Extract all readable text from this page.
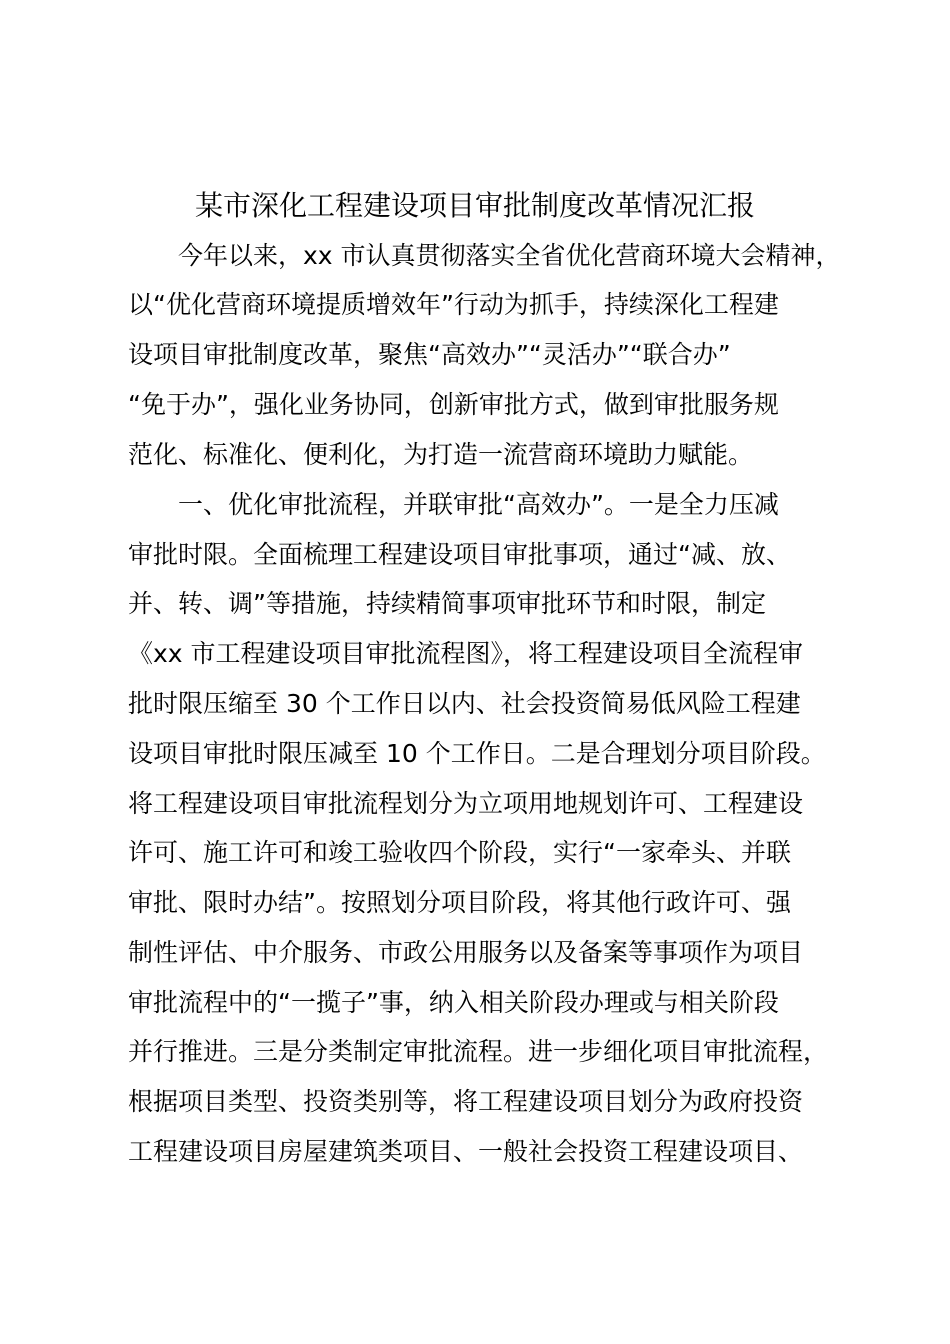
某市深化工程建设项目审批制度改革情况汇报
　　今年以来，xx 市认真贯彻落实全省优化营商环境大会精神，
以“优化营商环境提质增效年”行动为抓手，持续深化工程建
设项目审批制度改革，聚焦“高效办”“灵活办”“联合办”
“免于办”，强化业务协同，创新审批方式，做到审批服务规
范化、标准化、便利化，为打造一流营商环境助力赋能。
　　一、优化审批流程，并联审批“高效办”。一是全力压减
审批时限。全面梳理工程建设项目审批事项，通过“减、放、
并、转、调”等措施，持续精简事项审批环节和时限，制定
《xx 市工程建设项目审批流程图》，将工程建设项目全流程审
批时限压缩至 30 个工作日以内、社会投资简易低风险工程建
设项目审批时限压减至 10 个工作日。二是合理划分项目阶段。
将工程建设项目审批流程划分为立项用地规划许可、工程建设
许可、施工许可和竣工验收四个阶段，实行“一家牵头、并联
审批、限时办结”。按照划分项目阶段，将其他行政许可、强
制性评估、中介服务、市政公用服务以及备案等事项作为项目
审批流程中的“一揽子”事，纳入相关阶段办理或与相关阶段
并行推进。三是分类制定审批流程。进一步细化项目审批流程，
根据项目类型、投资类别等，将工程建设项目划分为政府投资
工程建设项目房屋建筑类项目、一般社会投资工程建设项目、
